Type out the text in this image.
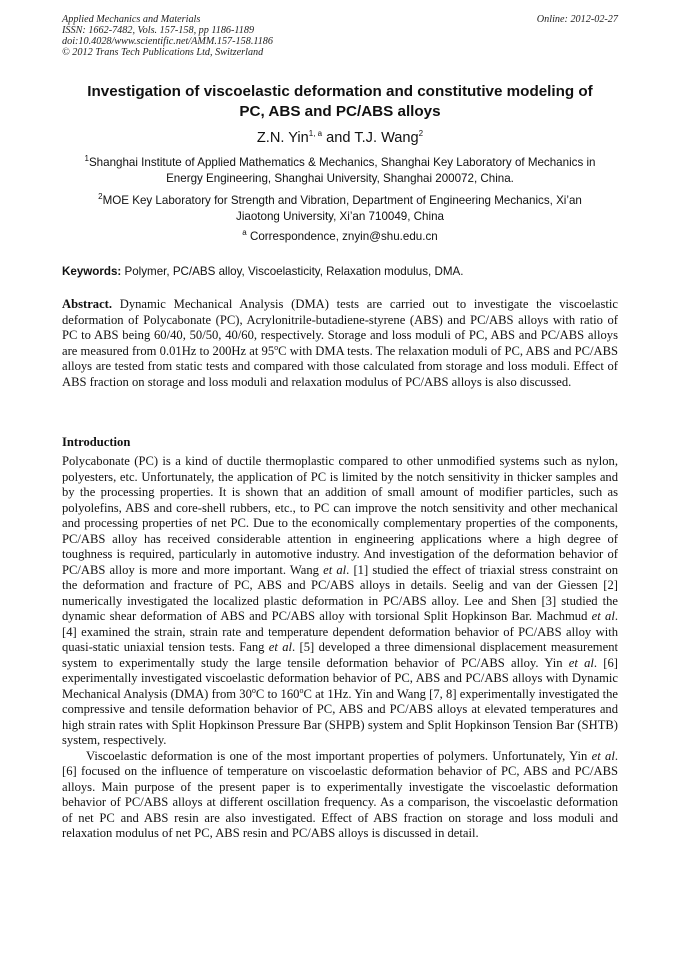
Applied Mechanics and Materials
ISSN: 1662-7482, Vols. 157-158, pp 1186-1189
doi:10.4028/www.scientific.net/AMM.157-158.1186
© 2012 Trans Tech Publications Ltd, Switzerland
Online: 2012-02-27
Investigation of viscoelastic deformation and constitutive modeling of
PC, ABS and PC/ABS alloys
Z.N. Yin$^{1, a}$ and T.J. Wang$^2$
$^1$Shanghai Institute of Applied Mathematics & Mechanics, Shanghai Key Laboratory of Mechanics in
Energy Engineering, Shanghai University, Shanghai 200072, China.
$^2$MOE Key Laboratory for Strength and Vibration, Department of Engineering Mechanics, Xi’an
Jiaotong University, Xi’an 710049, China
$^a$ Correspondence, znyin@shu.edu.cn
Keywords: Polymer, PC/ABS alloy, Viscoelasticity, Relaxation modulus, DMA.
Abstract. Dynamic Mechanical Analysis (DMA) tests are carried out to investigate the viscoelastic deformation of Polycabonate (PC), Acrylonitrile-butadiene-styrene (ABS) and PC/ABS alloys with ratio of PC to ABS being 60/40, 50/50, 40/60, respectively. Storage and loss moduli of PC, ABS and PC/ABS alloys are measured from 0.01Hz to 200Hz at 95$^o$C with DMA tests. The relaxation moduli of PC, ABS and PC/ABS alloys are tested from static tests and compared with those calculated from storage and loss moduli. Effect of ABS fraction on storage and loss moduli and relaxation modulus of PC/ABS alloys is also discussed.
Introduction

Polycabonate (PC) is a kind of ductile thermoplastic compared to other unmodified systems such as nylon, polyesters, etc. Unfortunately, the application of PC is limited by the notch sensitivity in thicker samples and by the processing properties. It is shown that an addition of small amount of modifier particles, such as polyolefins, ABS and core-shell rubbers, etc., to PC can improve the notch sensitivity and other mechanical and processing properties of net PC. Due to the economically complementary properties of the components, PC/ABS alloy has received considerable attention in engineering applications where a high degree of toughness is required, particularly in automotive industry. And investigation of the deformation behavior of PC/ABS alloy is more and more important. Wang et al. [1] studied the effect of triaxial stress constraint on the deformation and fracture of PC, ABS and PC/ABS alloys in details. Seelig and van der Giessen [2] numerically investigated the localized plastic deformation in PC/ABS alloy. Lee and Shen [3] studied the dynamic shear deformation of ABS and PC/ABS alloy with torsional Split Hopkinson Bar. Machmud et al. [4] examined the strain, strain rate and temperature dependent deformation behavior of PC/ABS alloy with quasi-static uniaxial tension tests. Fang et al. [5] developed a three dimensional displacement measurement system to experimentally study the large tensile deformation behavior of PC/ABS alloy. Yin et al. [6] experimentally investigated viscoelastic deformation behavior of PC, ABS and PC/ABS alloys with Dynamic Mechanical Analysis (DMA) from 30$^o$C to 160$^o$C at 1Hz. Yin and Wang [7, 8] experimentally investigated the compressive and tensile deformation behavior of PC, ABS and PC/ABS alloys at elevated temperatures and high strain rates with Split Hopkinson Pressure Bar (SHPB) system and Split Hopkinson Tension Bar (SHTB) system, respectively.

Viscoelastic deformation is one of the most important properties of polymers. Unfortunately, Yin et al. [6] focused on the influence of temperature on viscoelastic deformation behavior of PC, ABS and PC/ABS alloys. Main purpose of the present paper is to experimentally investigate the viscoelastic deformation behavior of PC/ABS alloys at different oscillation frequency. As a comparison, the viscoelastic deformation of net PC and ABS resin are also investigated. Effect of ABS fraction on storage and loss moduli and relaxation modulus of net PC, ABS resin and PC/ABS alloys is discussed in detail.
